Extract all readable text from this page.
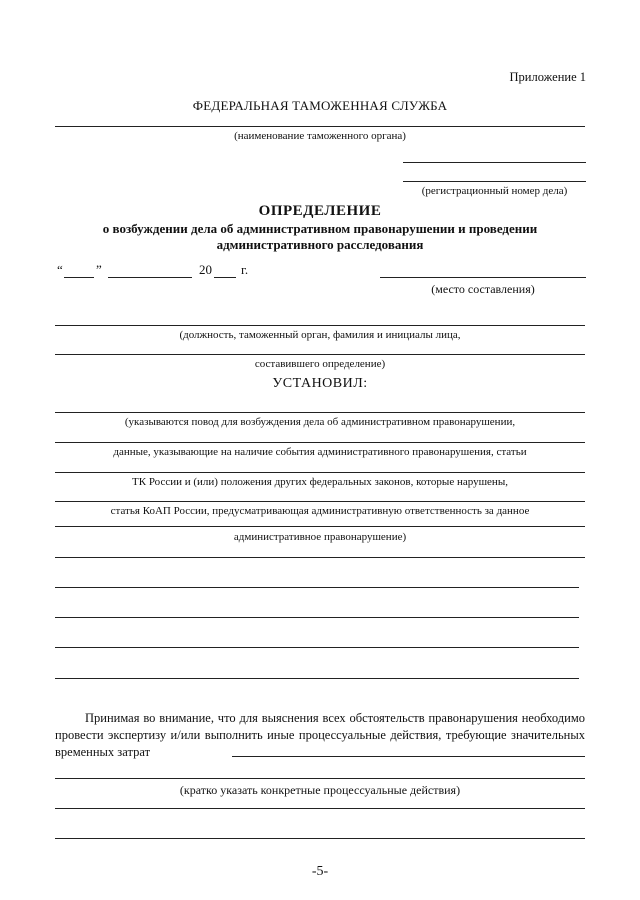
Приложение 1
ФЕДЕРАЛЬНАЯ ТАМОЖЕННАЯ СЛУЖБА
(наименование таможенного органа)
(регистрационный номер дела)
ОПРЕДЕЛЕНИЕ
о возбуждении дела об административном правонарушении и проведении административного расследования
“	”	20 г.
(место составления)
(должность, таможенный орган, фамилия и инициалы лица,
составившего определение)
УСТАНОВИЛ:
(указываются повод для возбуждения дела об административном правонарушении,
данные, указывающие на наличие события административного правонарушения, статьи
ТК России и (или) положения других федеральных законов, которые нарушены,
статья КоАП России, предусматривающая административную ответственность за данное
административное правонарушение)
Принимая во внимание, что для выяснения всех обстоятельств правонарушения необходимо провести экспертизу и/или выполнить иные процессуальные действия, требующие значительных временных затрат
(кратко указать конкретные процессуальные действия)
-5-
